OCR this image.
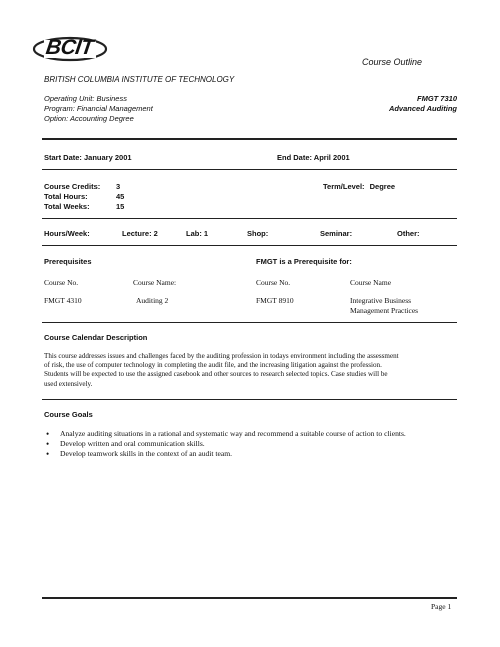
BCIT
Course Outline
BRITISH COLUMBIA INSTITUTE OF TECHNOLOGY
Operating Unit: Business
Program: Financial Management
Option: Accounting Degree
FMGT 7310
Advanced Auditing
Start Date: January 2001	End Date: April 2001
Course Credits: 3
Total Hours:	45
Total Weeks:	15
Term/Level: Degree
Hours/Week:	Lecture: 2	Lab: 1	Shop:	Seminar:	Other:
Prerequisites	FMGT is a Prerequisite for:
Course No.	Course Name:	Course No.	Course Name
FMGT 4310	Auditing 2	FMGT 8910	Integrative Business
Management Practices
Course Calendar Description
This course addresses issues and challenges faced by the auditing profession in todays environment including the assessment
of risk, the use of computer technology in completing the audit file, and the increasing litigation against the profession.
Students will be expected to use the assigned casebook and other sources to research selected topics. Case studies will be
used extensively.
Course Goals
• Analyze auditing situations in a rational and systematic way and recommend a suitable course of action to clients.
• Develop written and oral communication skills.
• Develop teamwork skills in the context of an audit team.
Page 1
